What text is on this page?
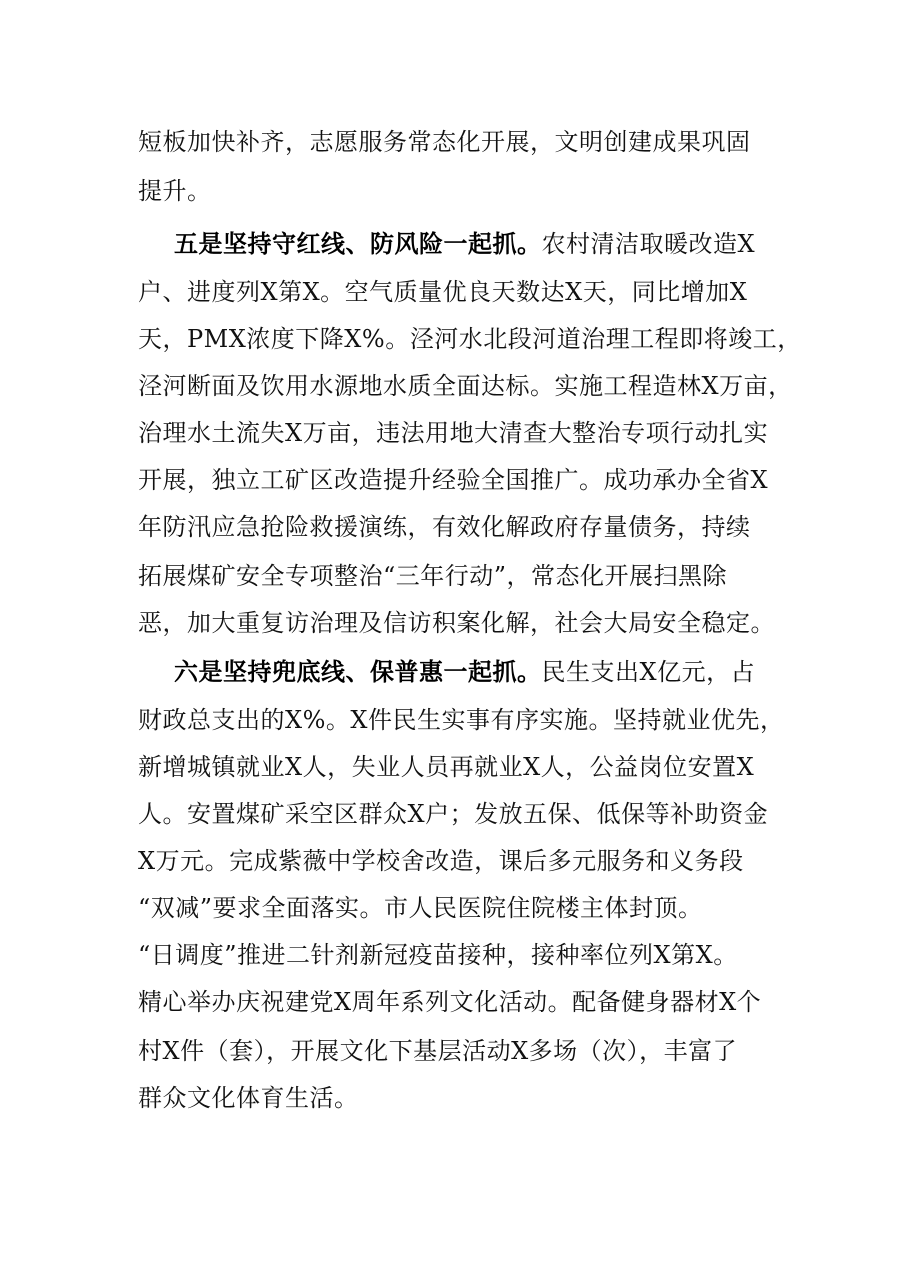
短板加快补齐，志愿服务常态化开展，文明创建成果巩固

提升。

五是坚持守红线、防风险一起抓。农村清洁取暖改造X

户、进度列X第X。空气质量优良天数达X天，同比增加X

天，PMX浓度下降X%。泾河水北段河道治理工程即将竣工，

泾河断面及饮用水源地水质全面达标。实施工程造林X万亩，

治理水土流失X万亩，违法用地大清查大整治专项行动扎实

开展，独立工矿区改造提升经验全国推广。成功承办全省X

年防汛应急抢险救援演练，有效化解政府存量债务，持续

拓展煤矿安全专项整治“三年行动”，常态化开展扫黑除

恶，加大重复访治理及信访积案化解，社会大局安全稳定。

六是坚持兜底线、保普惠一起抓。民生支出X亿元，占

财政总支出的X%。X件民生实事有序实施。坚持就业优先，

新增城镇就业X人，失业人员再就业X人，公益岗位安置X

人。安置煤矿采空区群众X户；发放五保、低保等补助资金

X万元。完成紫薇中学校舍改造，课后多元服务和义务段

“双减”要求全面落实。市人民医院住院楼主体封顶。

“日调度”推进二针剂新冠疫苗接种，接种率位列X第X。

精心举办庆祝建党X周年系列文化活动。配备健身器材X个

村X件（套），开展文化下基层活动X多场（次），丰富了

群众文化体育生活。
